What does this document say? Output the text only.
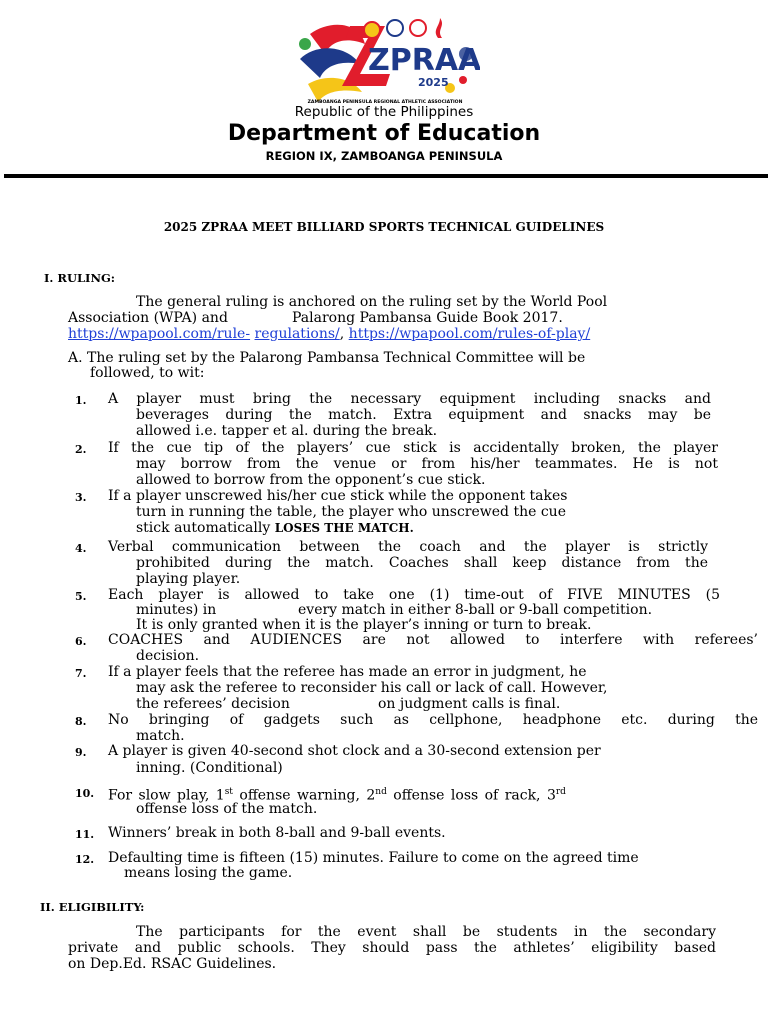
ZPRAA
2025
ZAMBOANGA PENINSULA REGIONAL ATHLETIC ASSOCIATION
Republic of the Philippines
Department of Education
REGION IX, ZAMBOANGA PENINSULA
2025 ZPRAA MEET BILLIARD SPORTS TECHNICAL GUIDELINES
I. RULING:
The general ruling is anchored on the ruling set by the World Pool
Association (WPA) and	Palarong Pambansa Guide Book 2017.
https://wpapool.com/rule- regulations/, https://wpapool.com/rules-of-play/
A. The ruling set by the Palarong Pambansa Technical Committee will be
followed, to wit:
1. A player must bring the necessary equipment including snacks and
beverages during the match. Extra equipment and snacks may be
allowed i.e. tapper et al. during the break.
2. If the cue tip of the players’ cue stick is accidentally broken, the player
may borrow from the venue or from his/her teammates. He is not
allowed to borrow from the opponent’s cue stick.
3. If a player unscrewed his/her cue stick while the opponent takes
turn in running the table, the player who unscrewed the cue
stick automatically LOSES THE MATCH.
4. Verbal communication between the coach and the player is strictly
prohibited during the match. Coaches shall keep distance from the
playing player.
5. Each player is allowed to take one (1) time-out of FIVE MINUTES (5
minutes) in	every match in either 8-ball or 9-ball competition.
It is only granted when it is the player’s inning or turn to break.
6. COACHES and AUDIENCES are not allowed to interfere with referees’
decision.
7. If a player feels that the referee has made an error in judgment, he
may ask the referee to reconsider his call or lack of call. However,
the referees’ decision	on judgment calls is final.
8. No bringing of gadgets such as cellphone, headphone etc. during the
match.
9. A player is given 40-second shot clock and a 30-second extension per
inning. (Conditional)
10. For slow play, 1st offense warning, 2nd offense loss of rack, 3rd
offense loss of the match.
11. Winners’ break in both 8-ball and 9-ball events.
12. Defaulting time is fifteen (15) minutes. Failure to come on the agreed time
means losing the game.
II. ELIGIBILITY:
The participants for the event shall be students in the secondary
private and public schools. They should pass the athletes’ eligibility based
on Dep.Ed. RSAC Guidelines.
